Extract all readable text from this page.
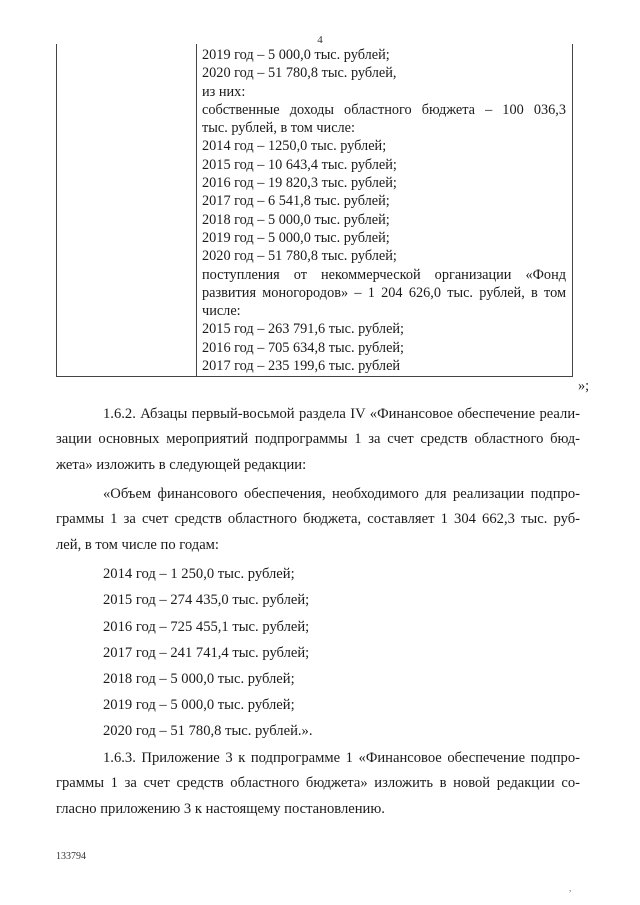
4
2019 год – 5 000,0 тыс. рублей;
2020 год – 51 780,8 тыс. рублей,
из них:
собственные доходы областного бюджета – 100 036,3
тыс. рублей, в том числе:
2014 год – 1250,0 тыс. рублей;
2015 год – 10 643,4 тыс. рублей;
2016 год – 19 820,3 тыс. рублей;
2017 год – 6 541,8 тыс. рублей;
2018 год – 5 000,0 тыс. рублей;
2019 год – 5 000,0 тыс. рублей;
2020 год – 51 780,8 тыс. рублей;
поступления от некоммерческой организации «Фонд
развития моногородов» – 1 204 626,0 тыс. рублей, в том
числе:
2015 год – 263 791,6 тыс. рублей;
2016 год – 705 634,8 тыс. рублей;
2017 год – 235 199,6 тыс. рублей
»;
1.6.2. Абзацы первый-восьмой раздела IV «Финансовое обеспечение реали-
зации основных мероприятий подпрограммы 1 за счет средств областного бюд-
жета» изложить в следующей редакции:
«Объем финансового обеспечения, необходимого для реализации подпро-
граммы 1 за счет средств областного бюджета, составляет 1 304 662,3 тыс. руб-
лей, в том числе по годам:
2014 год – 1 250,0 тыс. рублей;
2015 год – 274 435,0 тыс. рублей;
2016 год – 725 455,1 тыс. рублей;
2017 год – 241 741,4 тыс. рублей;
2018 год – 5 000,0 тыс. рублей;
2019 год – 5 000,0 тыс. рублей;
2020 год – 51 780,8 тыс. рублей.».
1.6.3. Приложение 3 к подпрограмме 1 «Финансовое обеспечение подпро-
граммы 1 за счет средств областного бюджета» изложить в новой редакции со-
гласно приложению 3 к настоящему постановлению.
133794
,
